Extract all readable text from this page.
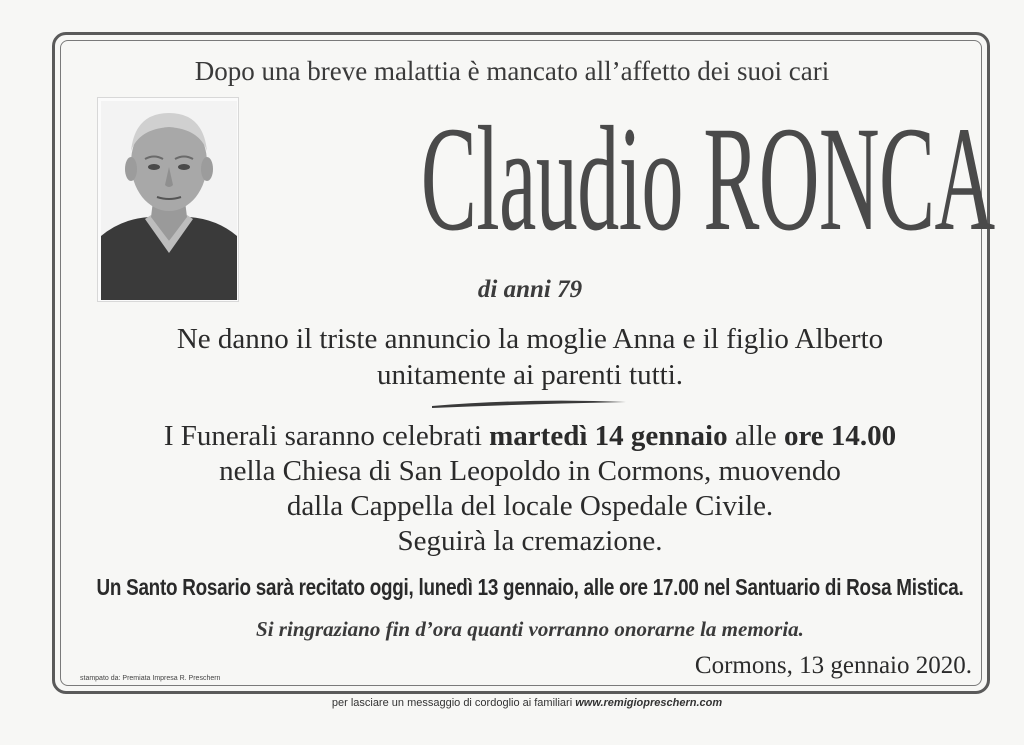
Dopo una breve malattia è mancato all’affetto dei suoi cari
Claudio RONCA
di anni 79
Ne danno il triste annuncio la moglie Anna e il figlio Alberto
unitamente ai parenti tutti.
I Funerali saranno celebrati martedì 14 gennaio alle ore 14.00
nella Chiesa di San Leopoldo in Cormons, muovendo
dalla Cappella del locale Ospedale Civile.
Seguirà la cremazione.
Un Santo Rosario sarà recitato oggi, lunedì 13 gennaio, alle ore 17.00 nel Santuario di Rosa Mistica.
Si ringraziano fin d’ora quanti vorranno onorarne la memoria.
Cormons, 13 gennaio 2020.
stampato da: Premiata Impresa R. Preschern
per lasciare un messaggio di cordoglio ai familiari www.remigiopreschern.com
